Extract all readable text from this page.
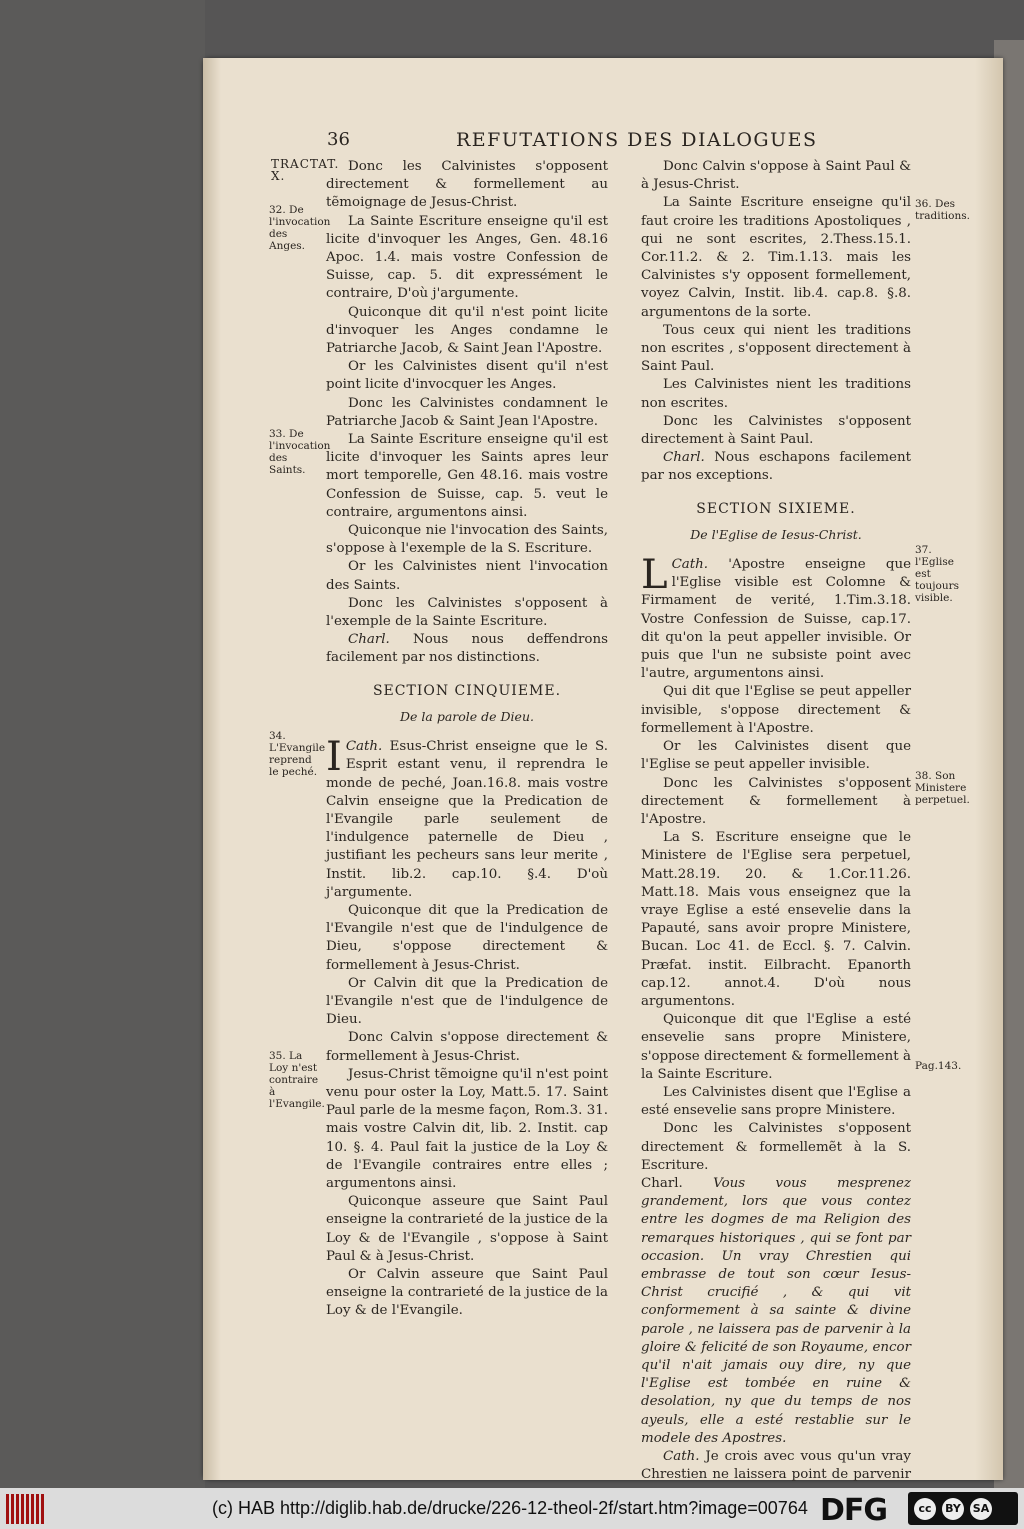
36	REFUTATIONS DES DIALOGUES
TRACTAT. X.
32. De l'invocation des Anges.
33. De l'invocation des Saints.
34. L'Evangile reprend le peché.
35. La Loy n'est contraire à l'Evangile.
36. Des traditions.
37. l'Eglise est toujours visible.
38. Son Ministere perpetuel.
Pag.143.

Donc les Calvinistes s'opposent directement & formellement au tẽmoignage de Jesus-Christ.

La Sainte Escriture enseigne qu'il est licite d'invoquer les Anges, Gen. 48.16 Apoc. 1.4. mais vostre Confession de Suisse, cap. 5. dit expressément le contraire, D'où j'argumente.

Quiconque dit qu'il n'est point licite d'invoquer les Anges condamne le Patriarche Jacob, & Saint Jean l'Apostre.

Or les Calvinistes disent qu'il n'est point licite d'invocquer les Anges.

Donc les Calvinistes condamnent le Patriarche Jacob & Saint Jean l'Apostre.

La Sainte Escriture enseigne qu'il est licite d'invoquer les Saints apres leur mort temporelle, Gen 48.16. mais vostre Confession de Suisse, cap. 5. veut le contraire, argumentons ainsi.

Quiconque nie l'invocation des Saints, s'oppose à l'exemple de la S. Escriture.

Or les Calvinistes nient l'invocation des Saints.

Donc les Calvinistes s'opposent à l'exemple de la Sainte Escriture.

Charl. Nous nous deffendrons facilement par nos distinctions.

SECTION CINQUIEME.
De la parole de Dieu.

Cath.
I	Esus-Christ enseigne que le S. Esprit estant venu, il reprendra le monde de peché, Joan.16.8. mais vostre Calvin enseigne que la Predication de l'Evangile parle seulement de l'indulgence paternelle de Dieu , justifiant les pecheurs sans leur merite , Instit. lib.2. cap.10. §.4. D'où j'argumente.

Quiconque dit que la Predication de l'Evangile n'est que de l'indulgence de Dieu, s'oppose directement & formellement à Jesus-Christ.

Or Calvin dit que la Predication de l'Evangile n'est que de l'indulgence de Dieu.

Donc Calvin s'oppose directement & formellement à Jesus-Christ.

Jesus-Christ tẽmoigne qu'il n'est point venu pour oster la Loy, Matt.5. 17. Saint Paul parle de la mesme façon, Rom.3. 31. mais vostre Calvin dit, lib. 2. Instit. cap 10. §. 4. Paul fait la justice de la Loy & de l'Evangile contraires entre elles ; argumentons ainsi.

Quiconque asseure que Saint Paul enseigne la contrarieté de la justice de la Loy & de l'Evangile , s'oppose à Saint Paul & à Jesus-Christ.

Or Calvin asseure que Saint Paul enseigne la contrarieté de la justice de la Loy & de l'Evangile.

Donc Calvin s'oppose à Saint Paul & à Jesus-Christ.

La Sainte Escriture enseigne qu'il faut croire les traditions Apostoliques , qui ne sont escrites, 2.Thess.15.1. Cor.11.2. & 2. Tim.1.13. mais les Calvinistes s'y opposent formellement, voyez Calvin, Instit. lib.4. cap.8. §.8. argumentons de la sorte.

Tous ceux qui nient les traditions non escrites , s'opposent directement à Saint Paul.

Les Calvinistes nient les traditions non escrites.

Donc les Calvinistes s'opposent directement à Saint Paul.

Charl. Nous eschapons facilement par nos exceptions.

SECTION SIXIEME.
De l'Eglise de Iesus-Christ.

Cath.
L	'Apostre enseigne que l'Eglise visible est Colomne & Firmament de verité, 1.Tim.3.18. Vostre Confession de Suisse, cap.17. dit qu'on la peut appeller invisible. Or puis que l'un ne subsiste point avec l'autre, argumentons ainsi.

Qui dit que l'Eglise se peut appeller invisible, s'oppose directement & formellement à l'Apostre.

Or les Calvinistes disent que l'Eglise se peut appeller invisible.

Donc les Calvinistes s'opposent directement & formellement à l'Apostre.

La S. Escriture enseigne que le Ministere de l'Eglise sera perpetuel, Matt.28.19. 20. & 1.Cor.11.26. Matt.18. Mais vous enseignez que la vraye Eglise a esté ensevelie dans la Papauté, sans avoir propre Ministere, Bucan. Loc 41. de Eccl. §. 7. Calvin. Præfat. instit. Eilbracht. Epanorth cap.12. annot.4. D'où nous argumentons.

Quiconque dit que l'Eglise a esté ensevelie sans propre Ministere, s'oppose directement & formellement à la Sainte Escriture.

Les Calvinistes disent que l'Eglise a esté ensevelie sans propre Ministere.

Donc les Calvinistes s'opposent directement & formellemẽt à la S. Escriture.

Charl. Vous vous mesprenez grandement, lors que vous contez entre les dogmes de ma Religion des remarques historiques , qui se font par occasion. Un vray Chrestien qui embrasse de tout son cœur Iesus-Christ crucifié , & qui vit conformement à sa sainte & divine parole , ne laissera pas de parvenir à la gloire & felicité de son Royaume, encor qu'il n'ait jamais ouy dire, ny que l'Eglise est tombée en ruine & desolation, ny que du temps de nos ayeuls, elle a esté restablie sur le modele des Apostres.

Cath. Je crois avec vous qu'un vray Chrestien ne laissera point de parvenir

(c) HAB http://diglib.hab.de/drucke/226-12-theol-2f/start.htm?image=00764 DFG	cc	BY SA
